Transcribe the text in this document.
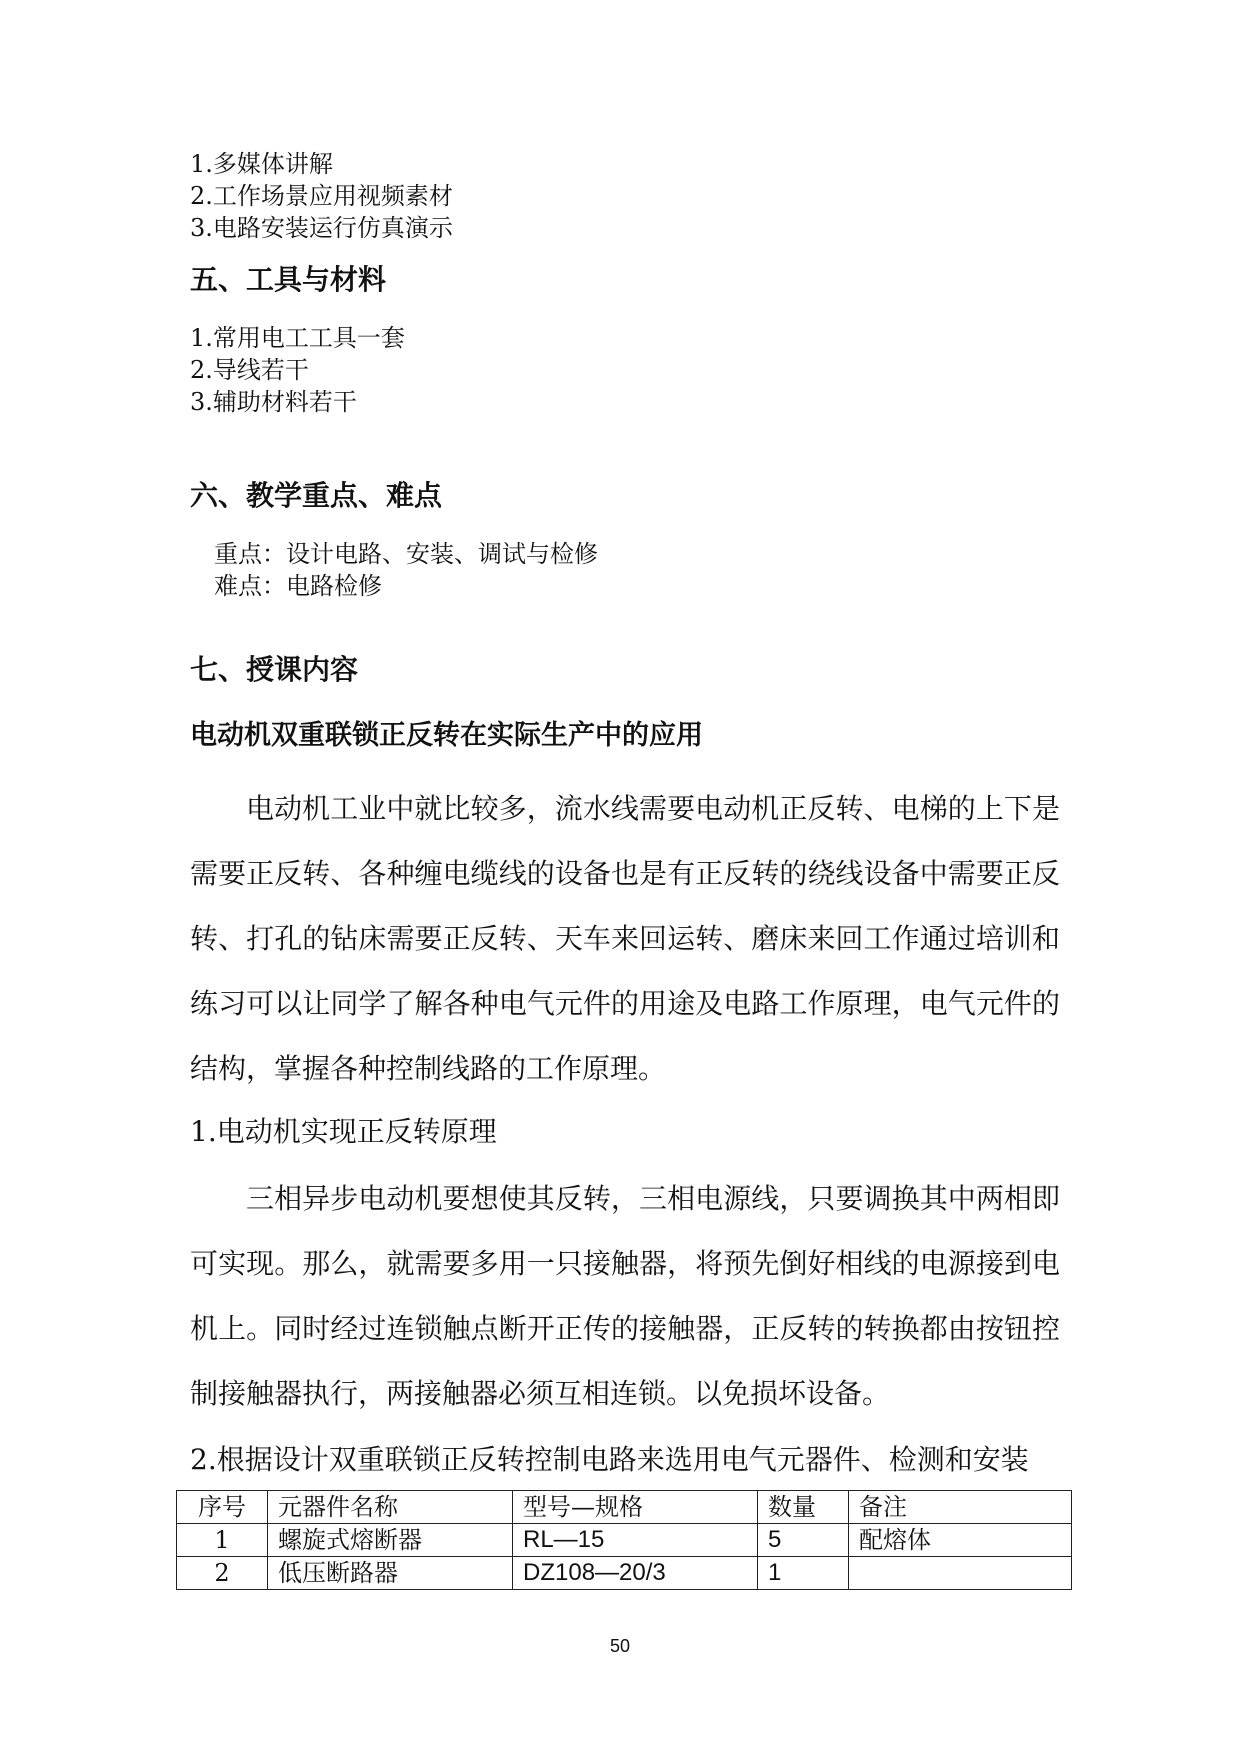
1.多媒体讲解

2.工作场景应用视频素材

3.电路安装运行仿真演示

五、工具与材料

1.常用电工工具一套

2.导线若干

3.辅助材料若干

六、教学重点、难点

重点：设计电路、安装、调试与检修

难点：电路检修

七、授课内容
电动机双重联锁正反转在实际生产中的应用

电动机工业中就比较多，流水线需要电动机正反转、电梯的上下是需要正反转、各种缠电缆线的设备也是有正反转的绕线设备中需要正反转、打孔的钻床需要正反转、天车来回运转、磨床来回工作通过培训和练习可以让同学了解各种电气元件的用途及电路工作原理，电气元件的结构，掌握各种控制线路的工作原理。

1.电动机实现正反转原理

三相异步电动机要想使其反转，三相电源线，只要调换其中两相即可实现。那么，就需要多用一只接触器，将预先倒好相线的电源接到电机上。同时经过连锁触点断开正传的接触器，正反转的转换都由按钮控制接触器执行，两接触器必须互相连锁。以免损坏设备。

2.根据设计双重联锁正反转控制电路来选用电气元器件、检测和安装

序号	元器件名称	型号—规格	数量	备注
1	螺旋式熔断器	RL—15	5	配熔体
2	低压断路器	DZ108—20/3	1	
50
